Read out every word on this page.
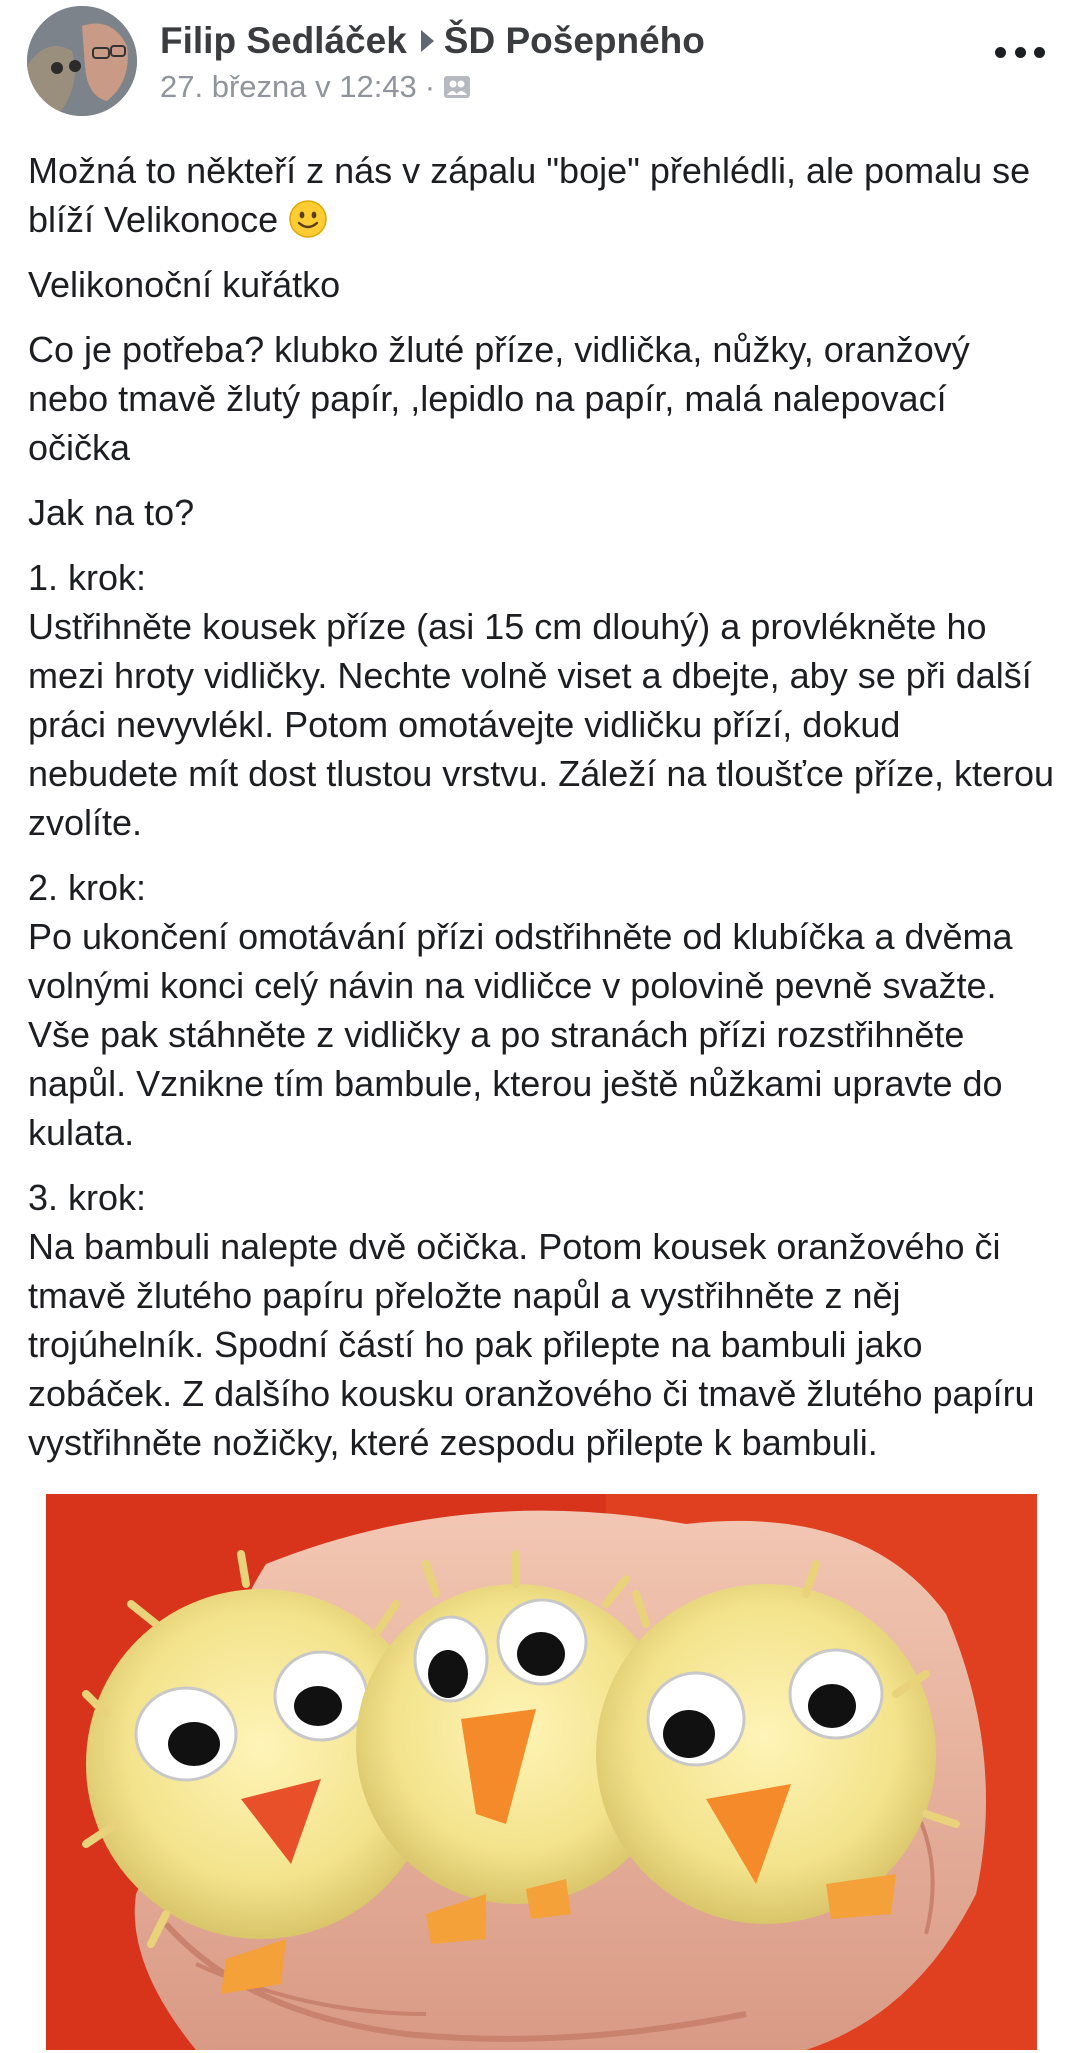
Filip Sedláček ŠD Pošepného
27. března v 12:43 ·

Možná to někteří z nás v zápalu "boje" přehlédli, ale pomalu se blíží Velikonoce

Velikonoční kuřátko

Co je potřeba? klubko žluté příze, vidlička, nůžky, oranžový nebo tmavě žlutý papír, ,lepidlo na papír, malá nalepovací očička

Jak na to?

1. krok:
Ustřihněte kousek příze (asi 15 cm dlouhý) a provlékněte ho mezi hroty vidličky. Nechte volně viset a dbejte, aby se při další práci nevyvlékl. Potom omotávejte vidličku přízí, dokud nebudete mít dost tlustou vrstvu. Záleží na tloušťce příze, kterou zvolíte.

2. krok:
Po ukončení omotávání přízi odstřihněte od klubíčka a dvěma volnými konci celý návin na vidličce v polovině pevně svažte. Vše pak stáhněte z vidličky a po stranách přízi rozstřihněte napůl. Vznikne tím bambule, kterou ještě nůžkami upravte do kulata.

3. krok:
Na bambuli nalepte dvě očička. Potom kousek oranžového či tmavě žlutého papíru přeložte napůl a vystřihněte z něj trojúhelník. Spodní částí ho pak přilepte na bambuli jako zobáček. Z dalšího kousku oranžového či tmavě žlutého papíru vystřihněte nožičky, které zespodu přilepte k bambuli.
